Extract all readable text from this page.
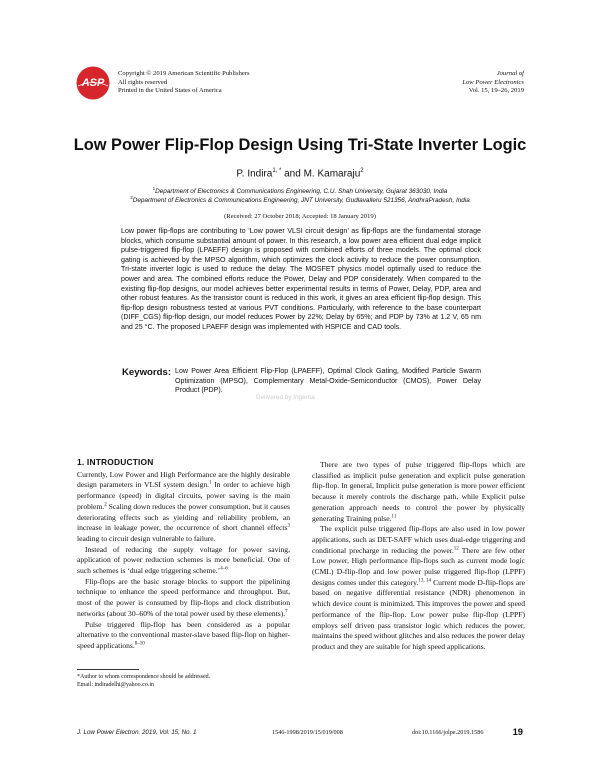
ASP
Copyright © 2019 American Scientific Publishers
All rights reserved
Printed in the United States of America
Journal of
Low Power Electronics
Vol. 15, 19–26, 2019
Low Power Flip-Flop Design Using Tri-State Inverter Logic
P. Indira$^{1, *}$ and M. Kamaraju$^2$
$^1$Department of Electronics & Communications Engineering, C.U. Shah University, Gujarat 363030, India
$^2$Department of Electronics & Communications Engineering, JNT University, Gudlavalleru 521356, AndhraPradesh, India
(Received: 27 October 2018; Accepted: 18 January 2019)
Low power flip-flops are contributing to ‘Low power VLSI circuit design’ as flip-flops are the fundamental storage blocks, which consume substantial amount of power. In this research, a low power area efficient dual edge implicit pulse-triggered flip-flop (LPAEFF) design is proposed with combined efforts of three models. The optimal clock gating is achieved by the MPSO algorithm, which optimizes the clock activity to reduce the power consumption. Tri-state inverter logic is used to reduce the delay. The MOSFET physics model optimally used to reduce the power and area. The combined efforts reduce the Power, Delay and PDP considerately. When compared to the existing flip-flop designs, our model achieves better experimental results in terms of Power, Delay, PDP, area and other robust features. As the transistor count is reduced in this work, it gives an area efficient flip-flop design. This flip-flop design robustness tested at various PVT conditions. Particularly, with reference to the base counterpart (DIFF_CGS) flip-flop design, our model reduces Power by 22%; Delay by 65%; and PDP by 73% at 1.2 V, 65 nm and 25 °C. The proposed LPAEFF design was implemented with HSPICE and CAD tools.
Keywords: Low Power Area Efficient Flip-Flop (LPAEFF), Optimal Clock Gating, Modified Particle Swarm Optimization (MPSO), Complementary Metal-Oxide-Semiconductor (CMOS), Power Delay Product (PDP).
Delivered by Ingenta
1. INTRODUCTION

Currently, Low Power and High Performance are the highly desirable design parameters in VLSI system design.$^1$ In order to achieve high performance (speed) in digital circuits, power saving is the main problem.$^2$ Scaling down reduces the power consumption, but it causes deteriorating effects such as yielding and reliability problem, an increase in leakage power, the occurrence of short channel effects$^3$ leading to circuit design vulnerable to failure.

Instead of reducing the supply voltage for power saving, application of power reduction schemes is more beneficial. One of such schemes is ‘dual edge triggering scheme.’$^{4-6}$

Flip-flops are the basic storage blocks to support the pipelining technique to enhance the speed performance and throughput. But, most of the power is consumed by flip-flops and clock distribution networks (about 30–60% of the total power used by these elements).$^7$

Pulse triggered flip-flop has been considered as a popular alternative to the conventional master-slave based flip-flop on higher-speed applications.$^{8-10}$

There are two types of pulse triggered flip-flops which are classified as implicit pulse generation and explicit pulse generation flip-flop. In general, Implicit pulse generation is more power efficient because it merely controls the discharge path, while Explicit pulse generation approach needs to control the power by physically generating Training pulse.$^{11}$

The explicit pulse triggered flip-flops are also used in low power applications, such as DET-SAFF which uses dual-edge triggering and conditional precharge in reducing the power.$^{12}$ There are few other Low power, High performance flip-flops such as current mode logic (CML) D-flip-flop and low power pulse triggered flip-flop (LPPF) designs comes under this category.$^{13, 14}$ Current mode D-flip-flops are based on negative differential resistance (NDR) phenomenon in which device count is minimized. This improves the power and speed performance of the flip-flop. Low power pulse flip-flop (LPPF) employs self driven pass transistor logic which reduces the power, maintains the speed without glitches and also reduces the power delay product and they are suitable for high speed applications.

*Author to whom correspondence should be addressed.
Email: indiradelhi@yahoo.co.in
J. Low Power Electron. 2019, Vol. 15, No. 1	1546-1998/2019/15/019/008	doi:10.1166/jolpe.2019.1586	19
